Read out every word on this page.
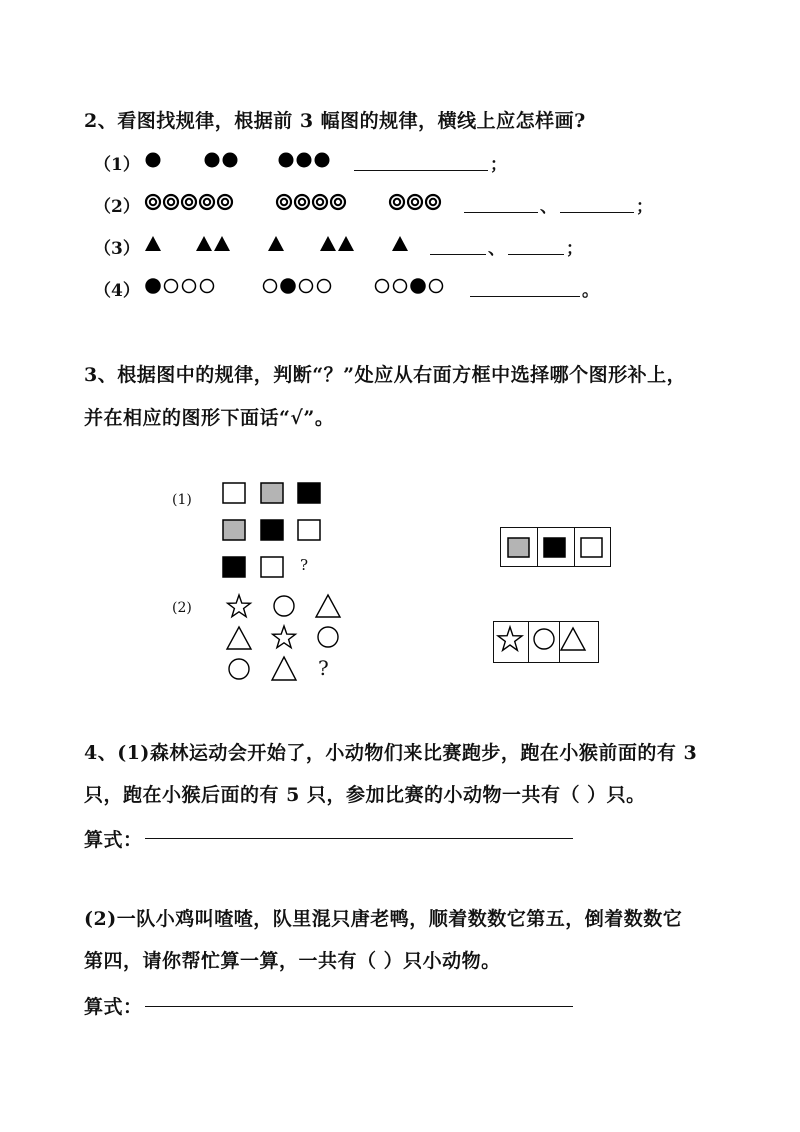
2、看图找规律，根据前 3 幅图的规律，横线上应怎样画?
（1）	；
（2）	、	；
（3）	、	；
（4）	。
3、根据图中的规律，判断“？”处应从右面方框中选择哪个图形补上，
并在相应的图形下面话“√”。
(1)
?
(2)
?
4、(1)森林运动会开始了，小动物们来比赛跑步，跑在小猴前面的有 3
只，跑在小猴后面的有 5 只，参加比赛的小动物一共有（ ）只。
算式：
(2)一队小鸡叫喳喳，队里混只唐老鸭，顺着数数它第五，倒着数数它
第四，请你帮忙算一算，一共有（ ）只小动物。
算式：
